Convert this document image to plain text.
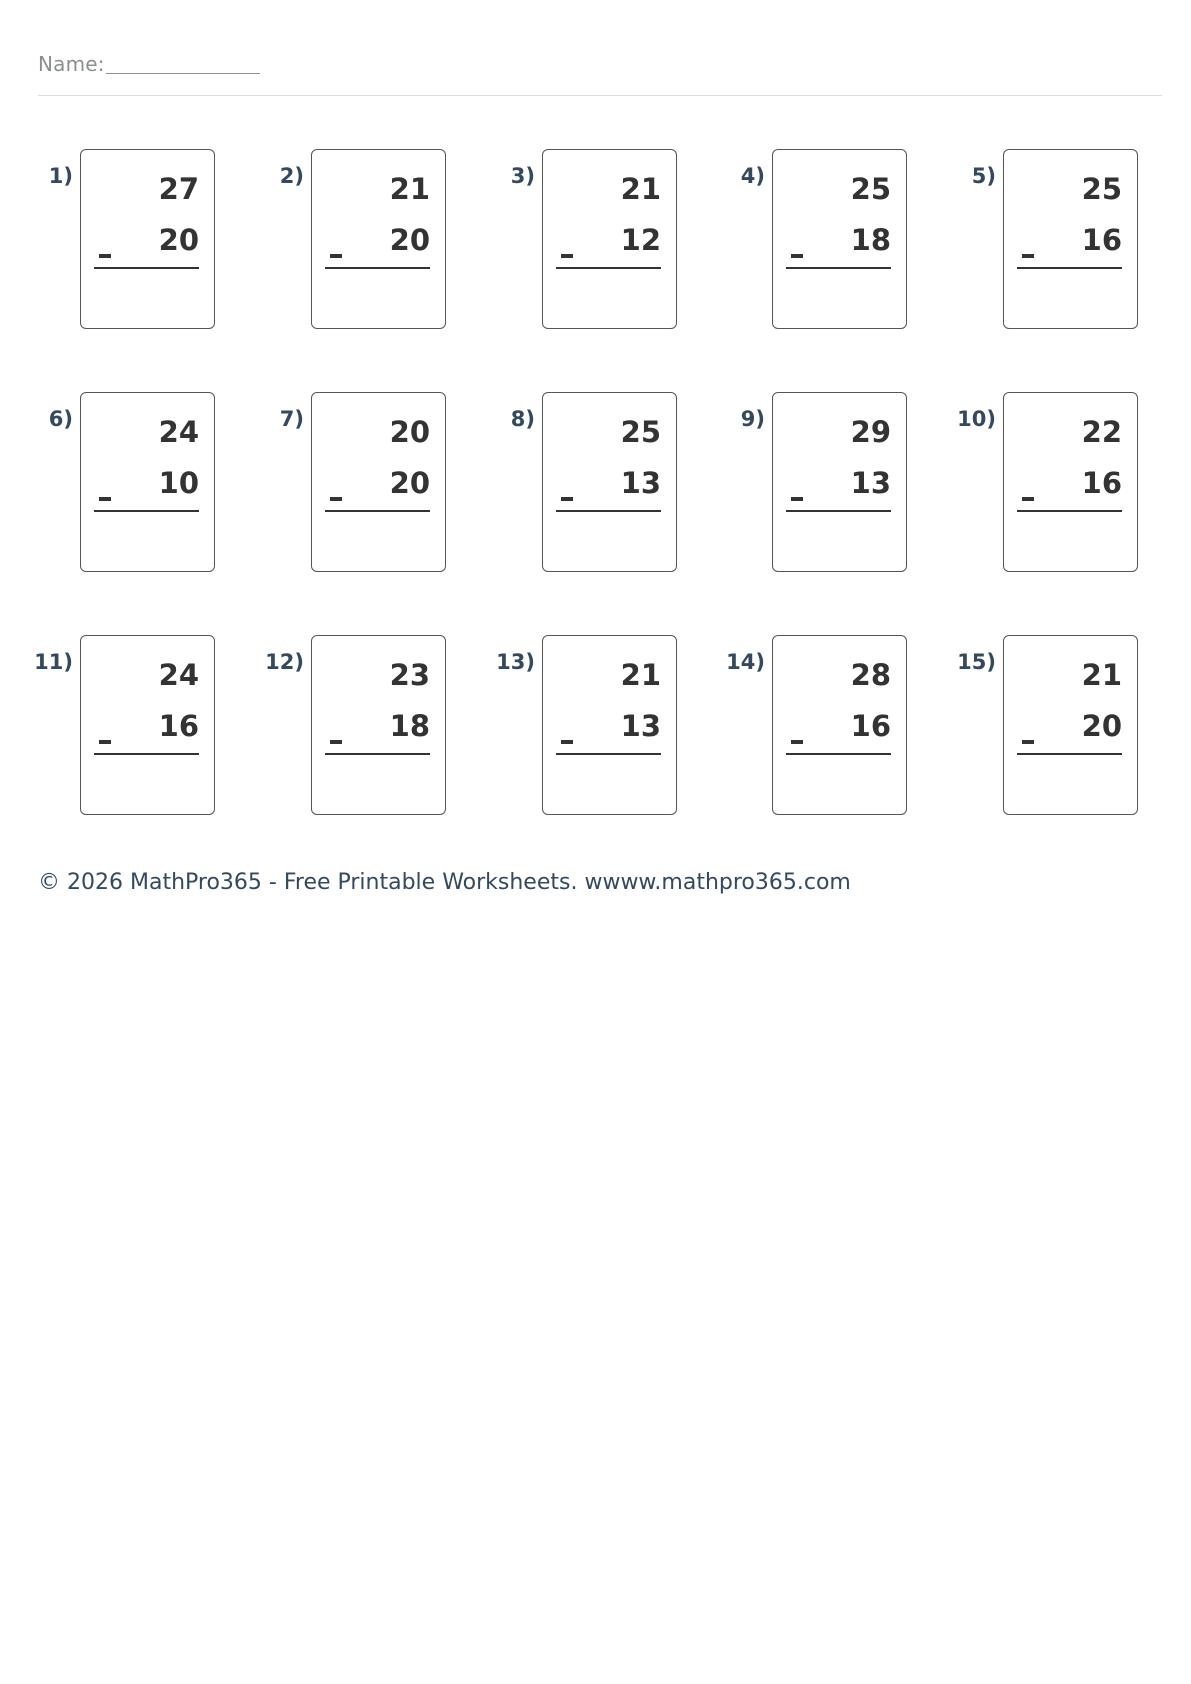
Name:
1)	27
20
2)	21
20
3)	21
12
4)	25
18
5)	25
16
6)	24
10
7)	20
20
8)	25
13
9)	29
13
10)	22
16
11)	24
16
12)	23
18
13)	21
13
14)	28
16
15)	21
20
© 2026 MathPro365 - Free Printable Worksheets. wwww.mathpro365.com
